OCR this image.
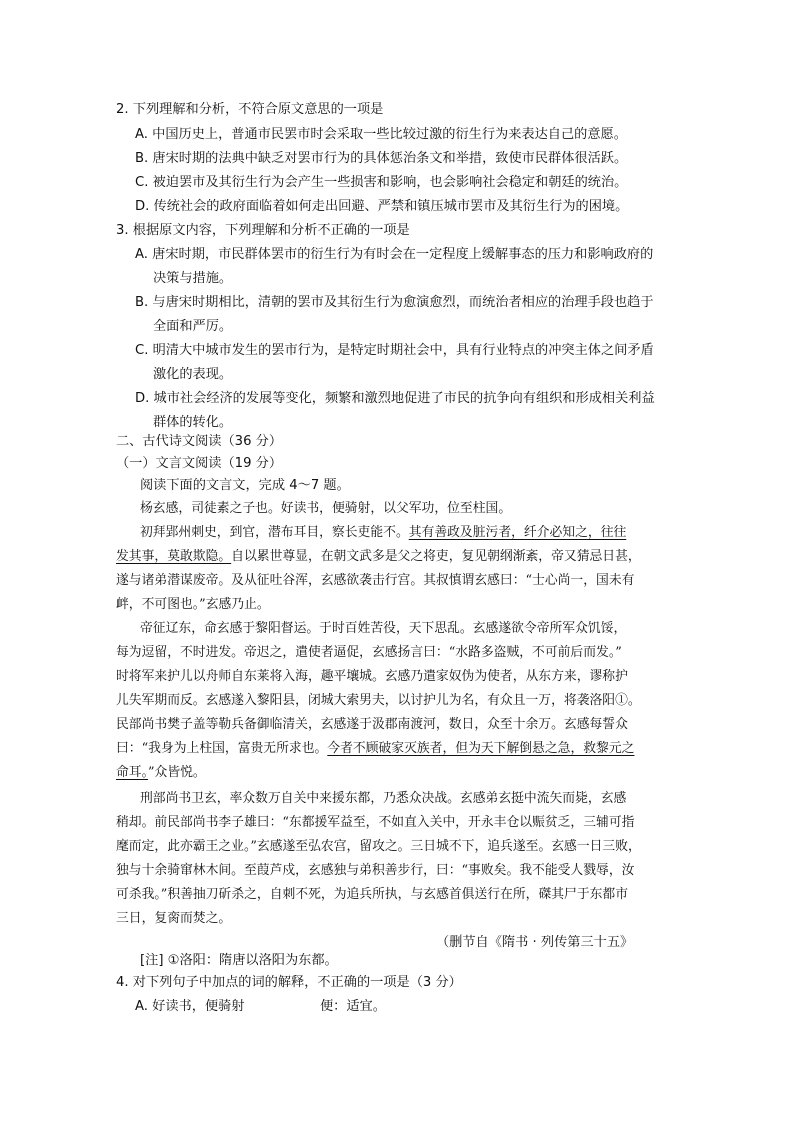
2. 下列理解和分析，不符合原文意思的一项是
A. 中国历史上，普通市民罢市时会采取一些比较过激的衍生行为来表达自己的意愿。
B. 唐宋时期的法典中缺乏对罢市行为的具体惩治条文和举措，致使市民群体很活跃。
C. 被迫罢市及其衍生行为会产生一些损害和影响，也会影响社会稳定和朝廷的统治。
D. 传统社会的政府面临着如何走出回避、严禁和镇压城市罢市及其衍生行为的困境。
3. 根据原文内容，下列理解和分析不正确的一项是
A. 唐宋时期，市民群体罢市的衍生行为有时会在一定程度上缓解事态的压力和影响政府的
决策与措施。
B. 与唐宋时期相比，清朝的罢市及其衍生行为愈演愈烈，而统治者相应的治理手段也趋于
全面和严厉。
C. 明清大中城市发生的罢市行为，是特定时期社会中，具有行业特点的冲突主体之间矛盾
激化的表现。
D. 城市社会经济的发展等变化，频繁和激烈地促进了市民的抗争向有组织和形成相关利益
群体的转化。
二、古代诗文阅读（36 分）
（一）文言文阅读（19 分）
阅读下面的文言文，完成 4～7 题。
杨玄感，司徒素之子也。好读书，便骑射，以父军功，位至柱国。
初拜郢州刺史，到官，潜布耳目，察长吏能不。其有善政及脏污者，纤介必知之，往往
发其事，莫敢欺隐。自以累世尊显，在朝文武多是父之将吏，复见朝纲渐紊，帝又猜忌日甚，
遂与诸弟潜谋废帝。及从征吐谷浑，玄感欲袭击行宫。其叔慎谓玄感曰：“士心尚一，国未有
衅，不可图也。”玄感乃止。
帝征辽东，命玄感于黎阳督运。于时百姓苦役，天下思乱。玄感遂欲令帝所军众饥馁，
每为逗留，不时进发。帝迟之，遣使者逼促，玄感扬言曰：“水路多盗贼，不可前后而发。”
时将军来护儿以舟师自东莱将入海，趣平壤城。玄感乃遣家奴伪为使者，从东方来，谬称护
儿失军期而反。玄感遂入黎阳县，闭城大索男夫，以讨护儿为名，有众且一万，将袭洛阳①。
民部尚书樊子盖等勒兵备御临清关，玄感遂于汲郡南渡河，数日，众至十余万。玄感每誓众
曰：“我身为上柱国，富贵无所求也。今者不顾破家灭族者，但为天下解倒悬之急，救黎元之
命耳。”众皆悦。
刑部尚书卫玄，率众数万自关中来援东都，乃悉众决战。玄感弟玄挺中流矢而毙，玄感
稍却。前民部尚书李子雄曰：“东都援军益至，不如直入关中，开永丰仓以赈贫乏，三辅可指
麾而定，此亦霸王之业。”玄感遂至弘农宫，留攻之。三日城不下，追兵遂至。玄感一日三败，
独与十余骑窜林木间。至葭芦戍，玄感独与弟积善步行，曰：“事败矣。我不能受人戮辱，汝
可杀我。”积善抽刀斫杀之，自刺不死，为追兵所执，与玄感首俱送行在所，磔其尸于东都市
三日，复脔而焚之。
（删节自《隋书 · 列传第三十五》
[注] ①洛阳：隋唐以洛阳为东都。
4. 对下列句子中加点的词的解释，不正确的一项是（3 分）
A. 好读书，便骑射	便：适宜。
